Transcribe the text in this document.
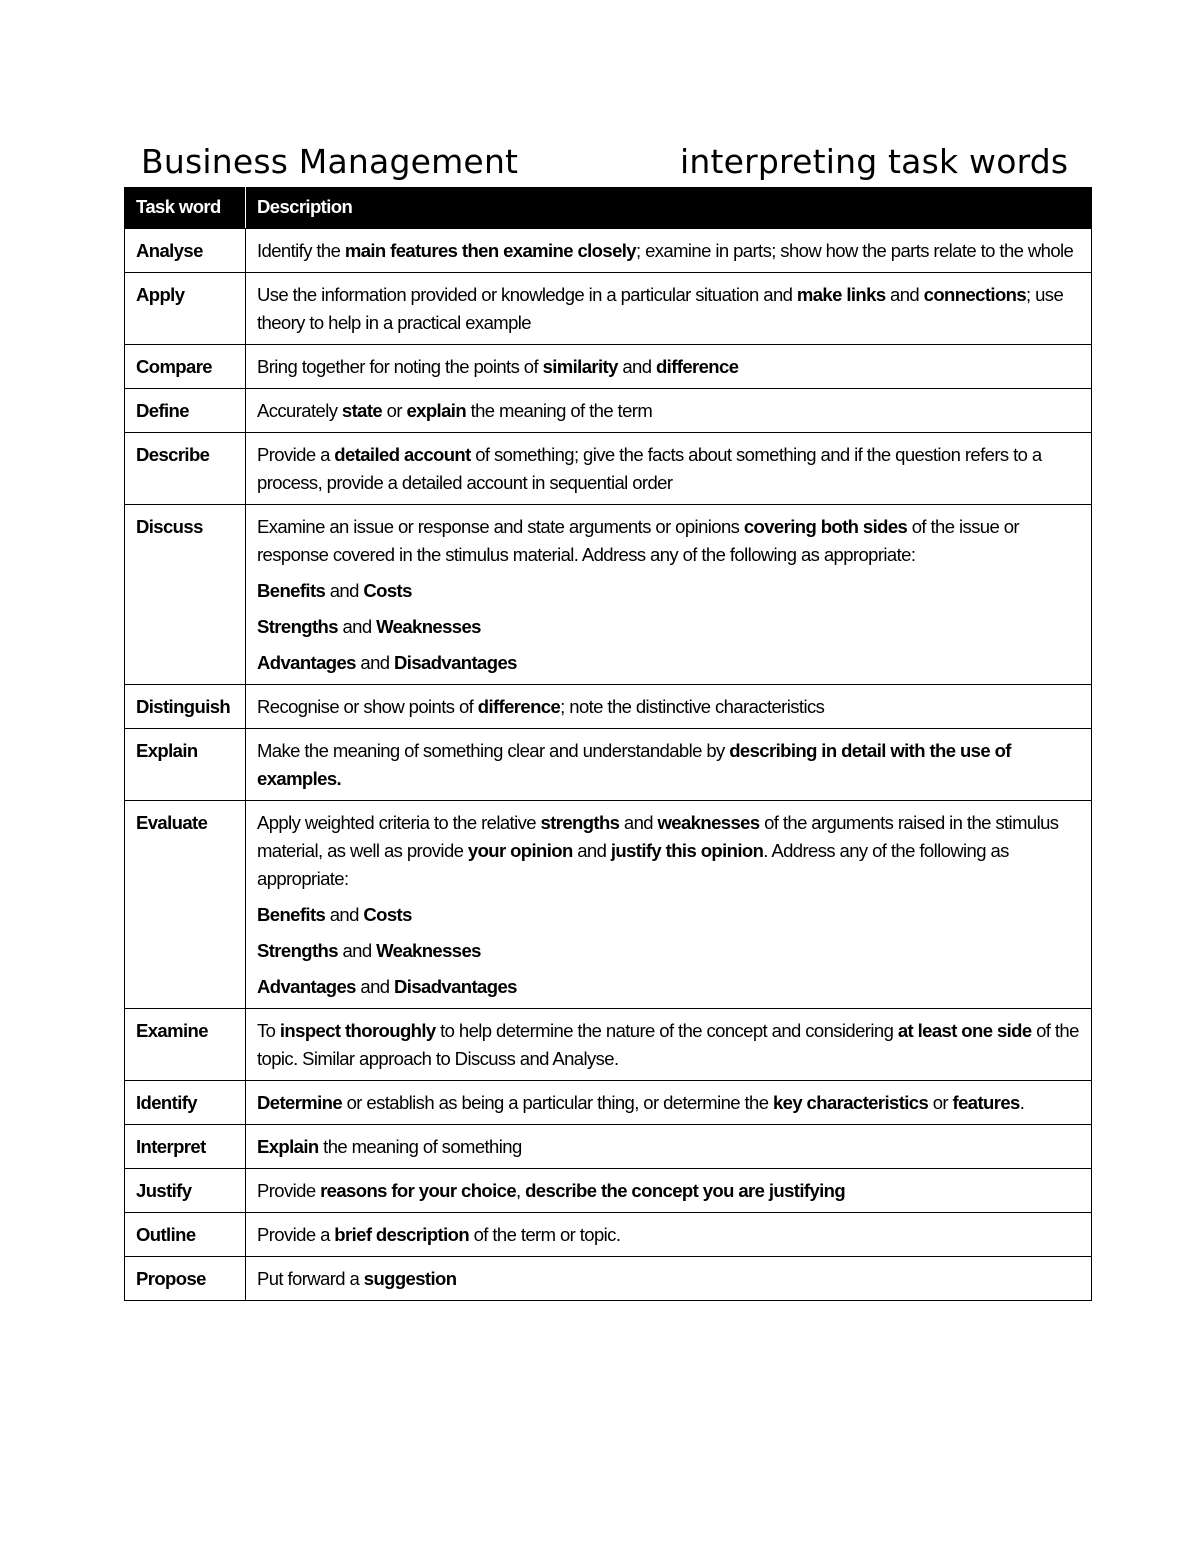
Business Management	interpreting task words
Task word	Description
Analyse	Identify the main features then examine closely; examine in parts; show how the parts relate to the whole
Apply	Use the information provided or knowledge in a particular situation and make links and connections; use theory to help in a practical example
Compare	Bring together for noting the points of similarity and difference
Define	Accurately state or explain the meaning of the term
Describe	Provide a detailed account of something; give the facts about something and if the question refers to a process, provide a detailed account in sequential order
Discuss	Examine an issue or response and state arguments or opinions covering both sides of the issue or response covered in the stimulus material. Address any of the following as appropriate:
Benefits and Costs
Strengths and Weaknesses
Advantages and Disadvantages

Distinguish	Recognise or show points of difference; note the distinctive characteristics
Explain	Make the meaning of something clear and understandable by describing in detail with the use of examples.
Evaluate	Apply weighted criteria to the relative strengths and weaknesses of the arguments raised in the stimulus material, as well as provide your opinion and justify this opinion. Address any of the following as appropriate:
Benefits and Costs
Strengths and Weaknesses
Advantages and Disadvantages

Examine	To inspect thoroughly to help determine the nature of the concept and considering at least one side of the topic. Similar approach to Discuss and Analyse.
Identify	Determine or establish as being a particular thing, or determine the key characteristics or features.
Interpret	Explain the meaning of something
Justify	Provide reasons for your choice, describe the concept you are justifying
Outline	Provide a brief description of the term or topic.
Propose	Put forward a suggestion
